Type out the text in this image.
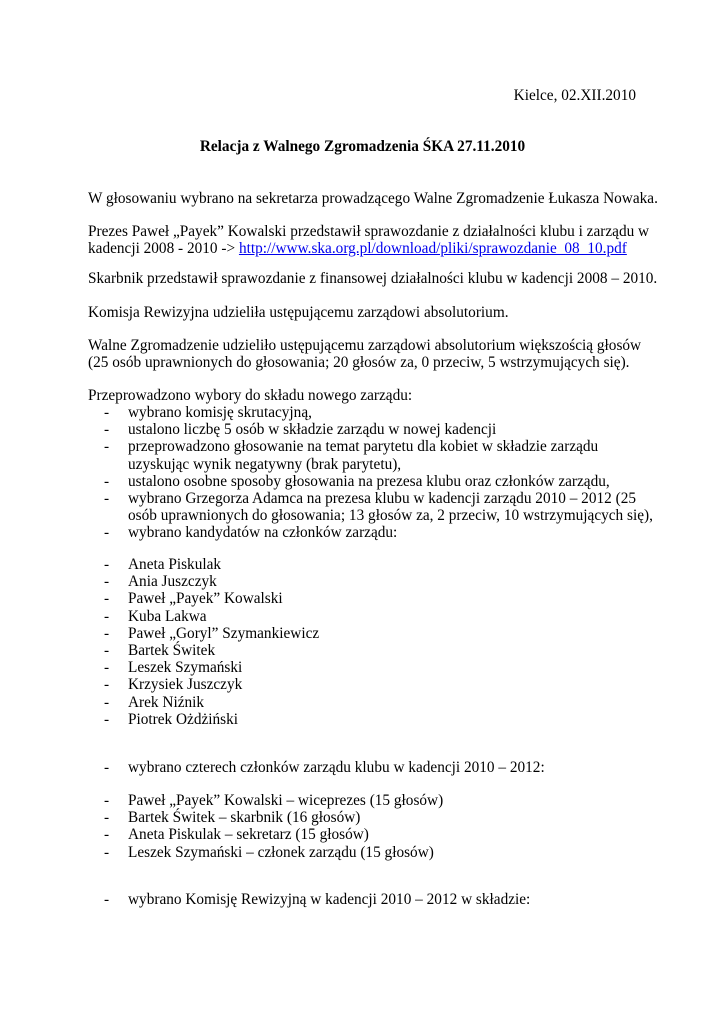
Kielce, 02.XII.2010
Relacja z Walnego Zgromadzenia ŚKA 27.11.2010
W głosowaniu wybrano na sekretarza prowadzącego Walne Zgromadzenie Łukasza Nowaka.
Prezes Paweł „Payek” Kowalski przedstawił sprawozdanie z działalności klubu i zarządu w
kadencji 2008 - 2010 -> http://www.ska.org.pl/download/pliki/sprawozdanie_08_10.pdf
Skarbnik przedstawił sprawozdanie z finansowej działalności klubu w kadencji 2008 – 2010.
Komisja Rewizyjna udzieliła ustępującemu zarządowi absolutorium.
Walne Zgromadzenie udzieliło ustępującemu zarządowi absolutorium większością głosów
(25 osób uprawnionych do głosowania; 20 głosów za, 0 przeciw, 5 wstrzymujących się).
Przeprowadzono wybory do składu nowego zarządu:
- wybrano komisję skrutacyjną,
- ustalono liczbę 5 osób w składzie zarządu w nowej kadencji
- przeprowadzono głosowanie na temat parytetu dla kobiet w składzie zarządu
uzyskując wynik negatywny (brak parytetu),
- ustalono osobne sposoby głosowania na prezesa klubu oraz członków zarządu,
- wybrano Grzegorza Adamca na prezesa klubu w kadencji zarządu 2010 – 2012 (25
osób uprawnionych do głosowania; 13 głosów za, 2 przeciw, 10 wstrzymujących się),
- wybrano kandydatów na członków zarządu:
- Aneta Piskulak
- Ania Juszczyk
- Paweł „Payek” Kowalski
- Kuba Lakwa
- Paweł „Goryl” Szymankiewicz
- Bartek Świtek
- Leszek Szymański
- Krzysiek Juszczyk
- Arek Niźnik
- Piotrek Ożdżiński
- wybrano czterech członków zarządu klubu w kadencji 2010 – 2012:
- Paweł „Payek” Kowalski – wiceprezes (15 głosów)
- Bartek Świtek – skarbnik (16 głosów)
- Aneta Piskulak – sekretarz (15 głosów)
- Leszek Szymański – członek zarządu (15 głosów)
- wybrano Komisję Rewizyjną w kadencji 2010 – 2012 w składzie:
